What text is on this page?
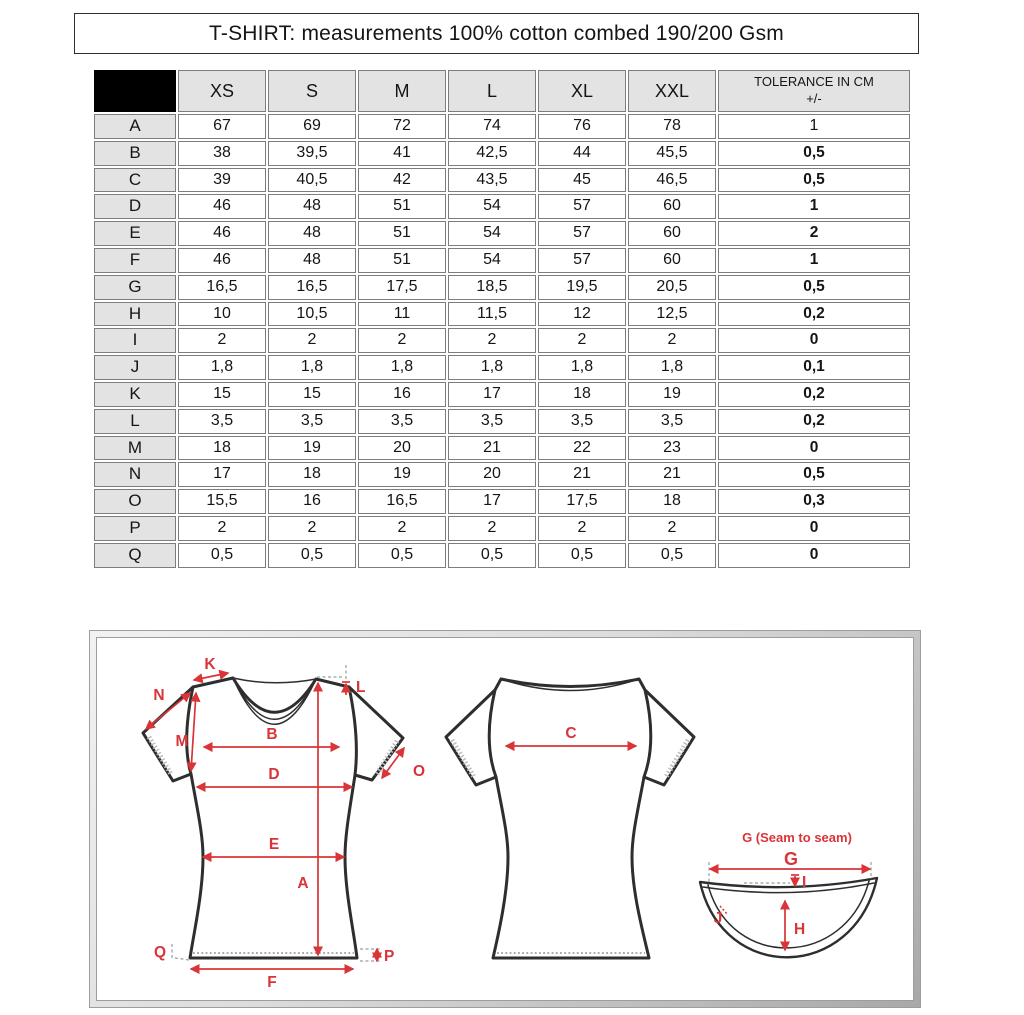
T-SHIRT: measurements 100% cotton combed 190/200 Gsm
	XS	S	M	L	XL	XXL	TOLERANCE IN CM
+/-

A	67	69	72	74	76	78	1
B	38	39,5	41	42,5	44	45,5	0,5
C	39	40,5	42	43,5	45	46,5	0,5
D	46	48	51	54	57	60	1
E	46	48	51	54	57	60	2
F	46	48	51	54	57	60	1
G	16,5	16,5	17,5	18,5	19,5	20,5	0,5
H	10	10,5	11	11,5	12	12,5	0,2
I	2	2	2	2	2	2	0
J	1,8	1,8	1,8	1,8	1,8	1,8	0,1
K	15	15	16	17	18	19	0,2
L	3,5	3,5	3,5	3,5	3,5	3,5	0,2
M	18	19	20	21	22	23	0
N	17	18	19	20	21	21	0,5
O	15,5	16	16,5	17	17,5	18	0,3
P	2	2	2	2	2	2	0
Q	0,5	0,5	0,5	0,5	0,5	0,5	0
K
N
M	B
D
E
A
L
O
P
Q
F
C
G (Seam to seam)
G
I
H
J
